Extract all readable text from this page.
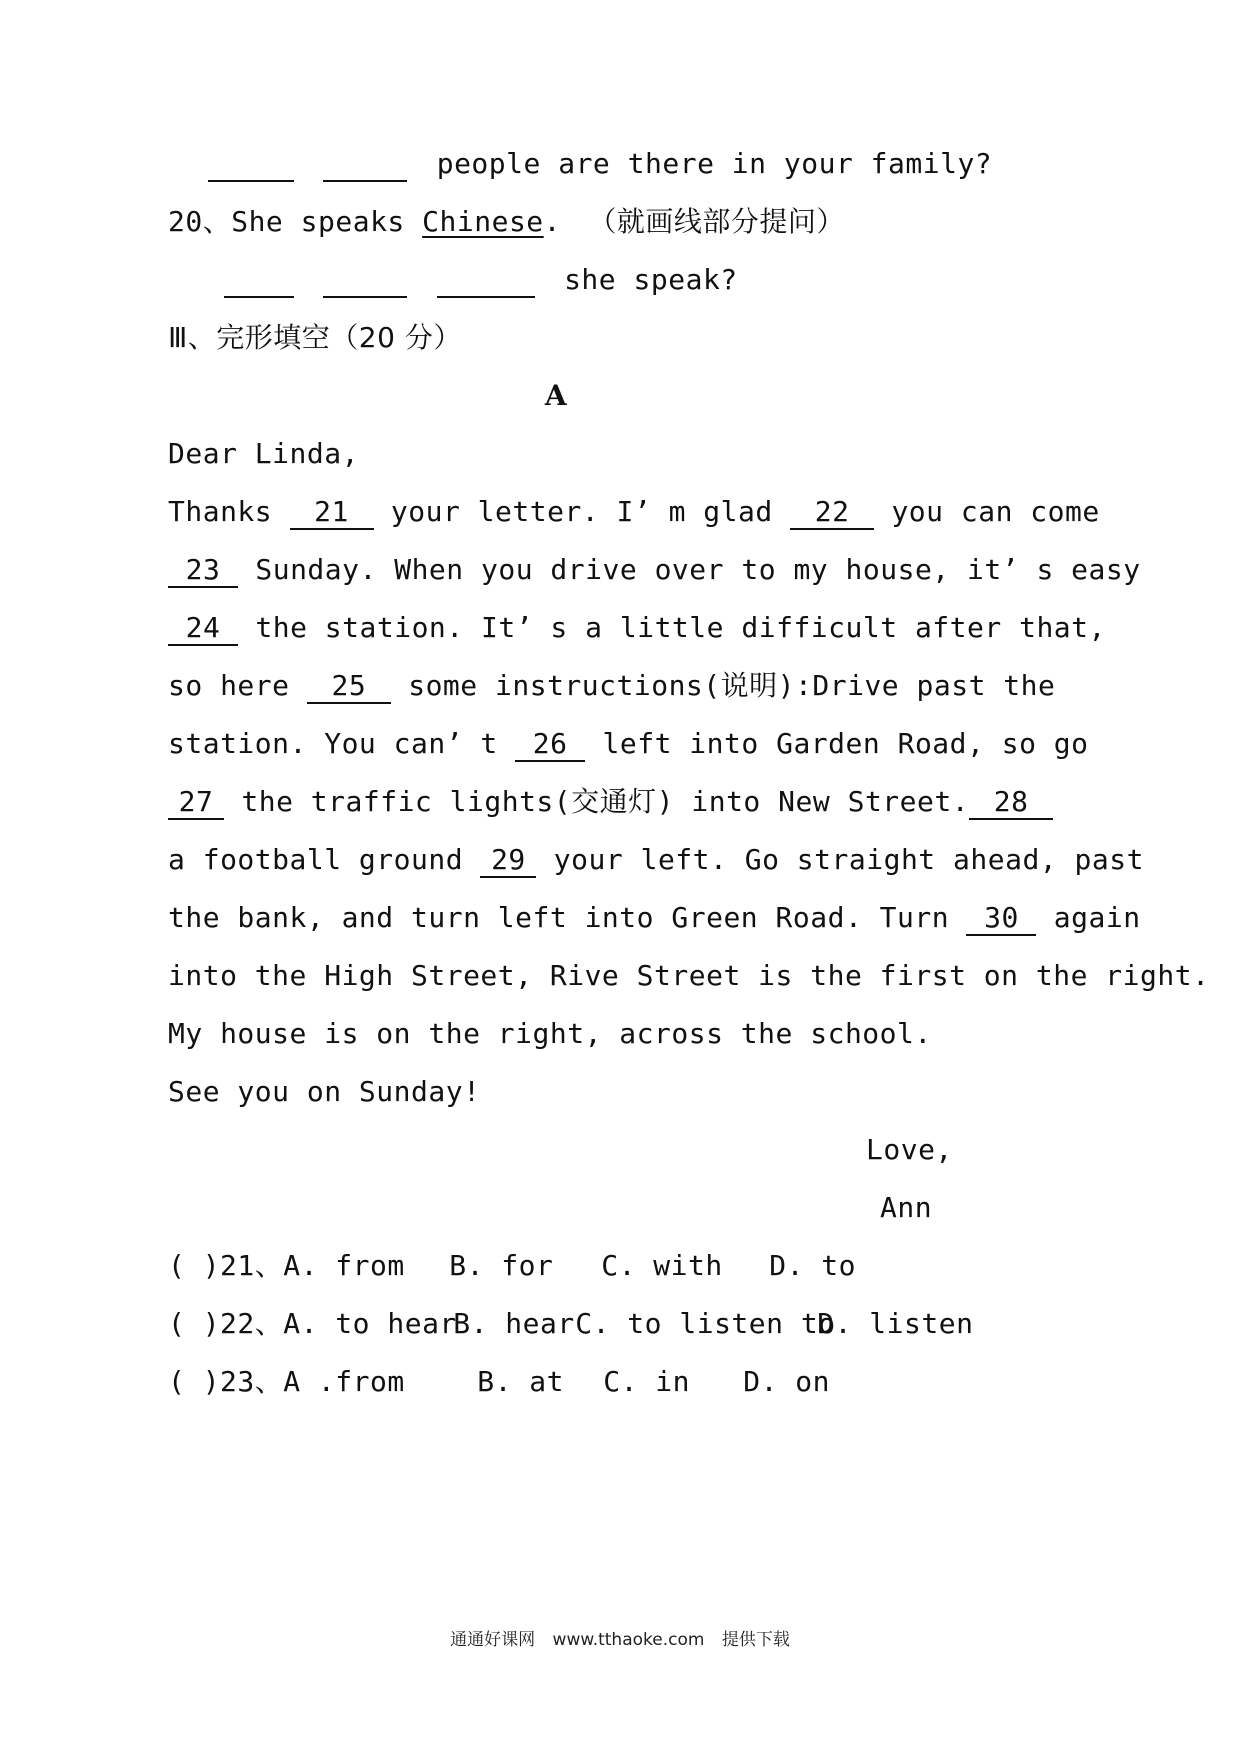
people are there in your family?
20、She speaks Chinese. （就画线部分提问）
she speak?
Ⅲ、完形填空（20 分）
A
Dear Linda,
Thanks 21 your letter. I’ m glad 22 you can come
23 Sunday. When you drive over to my house, it’ s easy
24 the station. It’ s a little difficult after that,
so here 25 some instructions(说明):Drive past the
station. You can’ t 26 left into Garden Road, so go
27 the traffic lights(交通灯) into New Street. 28
a football ground 29 your left. Go straight ahead, past
the bank, and turn left into Green Road. Turn 30 again
into the High Street, Rive Street is the first on the right.
My house is on the right, across the school.
See you on Sunday!
Love,
Ann
( )21、A. from B. for C. with D. to
( )22、A. to hearB. hearC. to listen toD. listen
( )23、A .from	B. at C. in D. on
通通好课网 www.tthaoke.com 提供下载
